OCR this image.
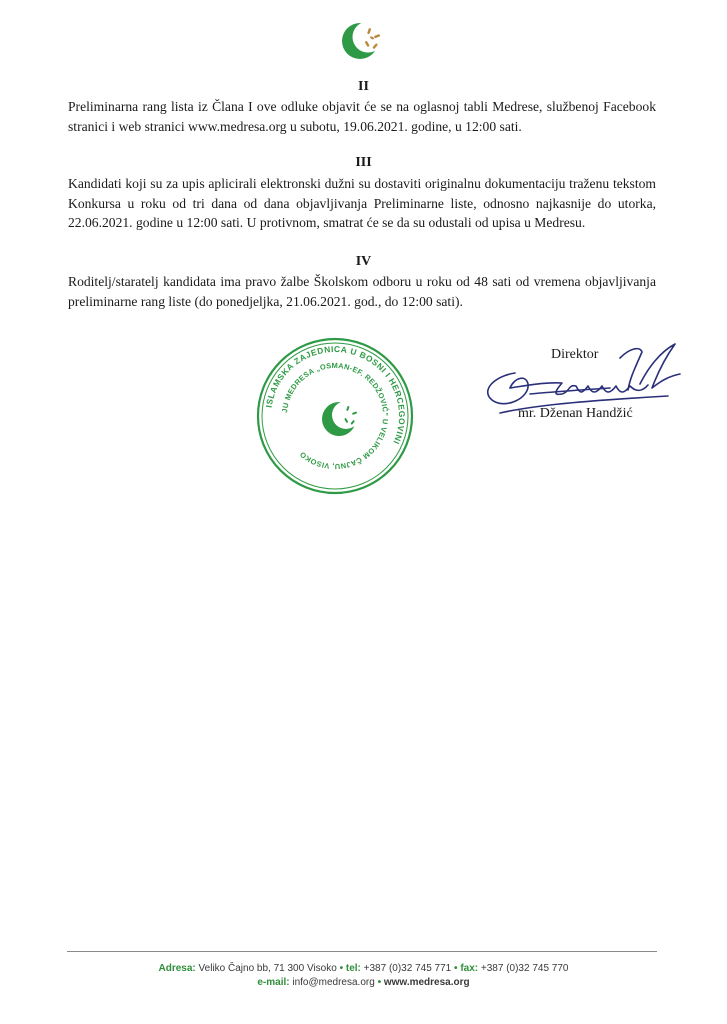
II
Preliminarna rang lista iz Člana I ove odluke objavit će se na oglasnoj tabli Medrese, službenoj Facebook stranici i web stranici www.medresa.org u subotu, 19.06.2021. godine, u 12:00 sati.
III
Kandidati koji su za upis aplicirali elektronski dužni su dostaviti originalnu dokumentaciju traženu tekstom Konkursa u roku od tri dana od dana objavljivanja Preliminarne liste, odnosno najkasnije do utorka, 22.06.2021. godine u 12:00 sati. U protivnom, smatrat će se da su odustali od upisa u Medresu.
IV
Roditelj/staratelj kandidata ima pravo žalbe Školskom odboru u roku od 48 sati od vremena objavljivanja preliminarne rang liste (do ponedjeljka, 21.06.2021. god., do 12:00 sati).
ISLAMSKA ZAJEDNICA U BOSNI I HERCEGOVINI
JU MEDRESA „OSMAN-EF. REDŽOVIĆ" U VELIKOM ČAJNU, VISOKO
Direktor
mr. Dženan Handžić
Adresa: Veliko Čajno bb, 71 300 Visoko • tel: +387 (0)32 745 771 • fax: +387 (0)32 745 770
e-mail: info@medresa.org • www.medresa.org
